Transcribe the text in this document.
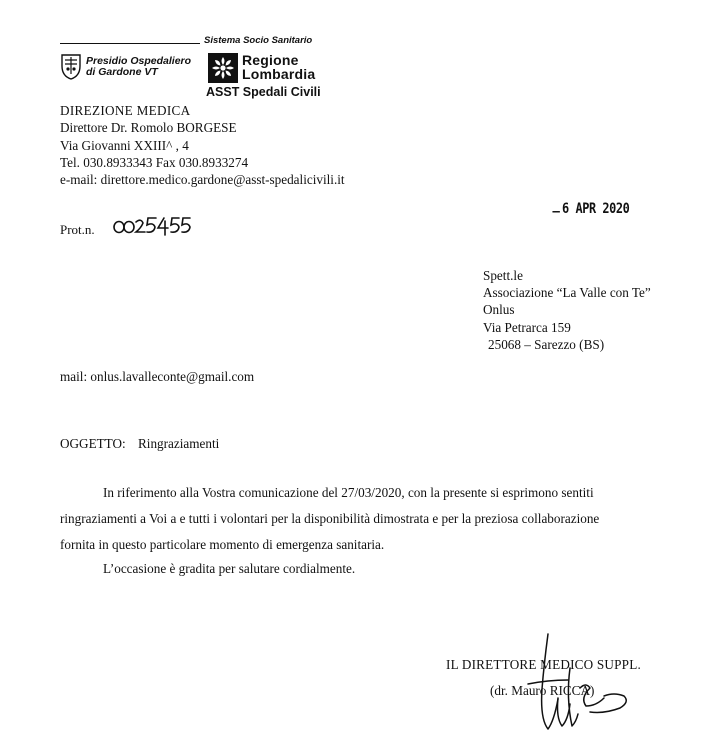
Sistema Socio Sanitario
Presidio Ospedaliero
di Gardone VT
Regione
Lombardia
ASST Spedali Civili
DIREZIONE MEDICA
Direttore Dr. Romolo BORGESE
Via Giovanni XXIII^ , 4
Tel. 030.8933343 Fax 030.8933274
e-mail: direttore.medico.gardone@asst-spedalicivili.it
– 6 APR 2020
Prot.n.
Spett.le
Associazione “La Valle con Te”
Onlus
Via Petrarca 159
25068 – Sarezzo (BS)
mail: onlus.lavalleconte@gmail.com
OGGETTO: Ringraziamenti
In riferimento alla Vostra comunicazione del 27/03/2020, con la presente si esprimono sentiti
ringraziamenti a Voi a e tutti i volontari per la disponibilità dimostrata e per la preziosa collaborazione
fornita in questo particolare momento di emergenza sanitaria.
L’occasione è gradita per salutare cordialmente.
IL DIRETTORE MEDICO SUPPL.
(dr. Mauro RICCA)
